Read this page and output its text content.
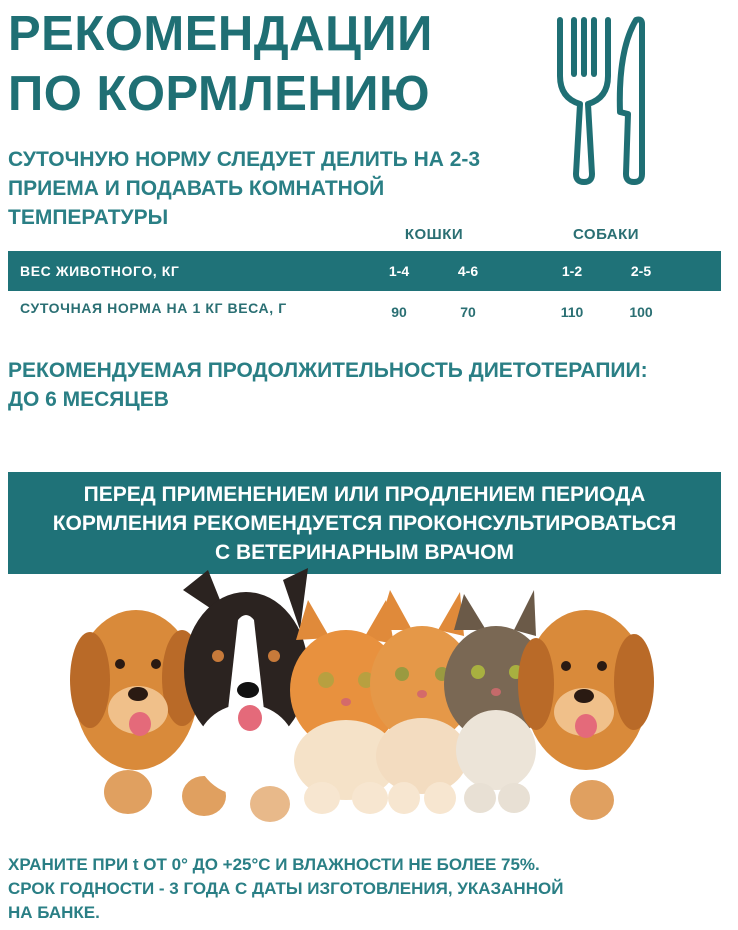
РЕКОМЕНДАЦИИ
ПО КОРМЛЕНИЮ
СУТОЧНУЮ НОРМУ СЛЕДУЕТ ДЕЛИТЬ НА 2-3
ПРИЕМА И ПОДАВАТЬ КОМНАТНОЙ
ТЕМПЕРАТУРЫ
КОШКИ	СОБАКИ
ВЕС ЖИВОТНОГО, КГ	1-4	4-6	1-2	2-5
СУТОЧНАЯ НОРМА НА 1 КГ ВЕСА, Г	90	70	110	100
РЕКОМЕНДУЕМАЯ ПРОДОЛЖИТЕЛЬНОСТЬ ДИЕТОТЕРАПИИ:
ДО 6 МЕСЯЦЕВ
ПЕРЕД ПРИМЕНЕНИЕМ ИЛИ ПРОДЛЕНИЕМ ПЕРИОДА
КОРМЛЕНИЯ РЕКОМЕНДУЕТСЯ ПРОКОНСУЛЬТИРОВАТЬСЯ
С ВЕТЕРИНАРНЫМ ВРАЧОМ
ХРАНИТЕ ПРИ t ОТ 0° ДО +25°С И ВЛАЖНОСТИ НЕ БОЛЕЕ 75%.
СРОК ГОДНОСТИ - 3 ГОДА С ДАТЫ ИЗГОТОВЛЕНИЯ, УКАЗАННОЙ
НА БАНКЕ.
